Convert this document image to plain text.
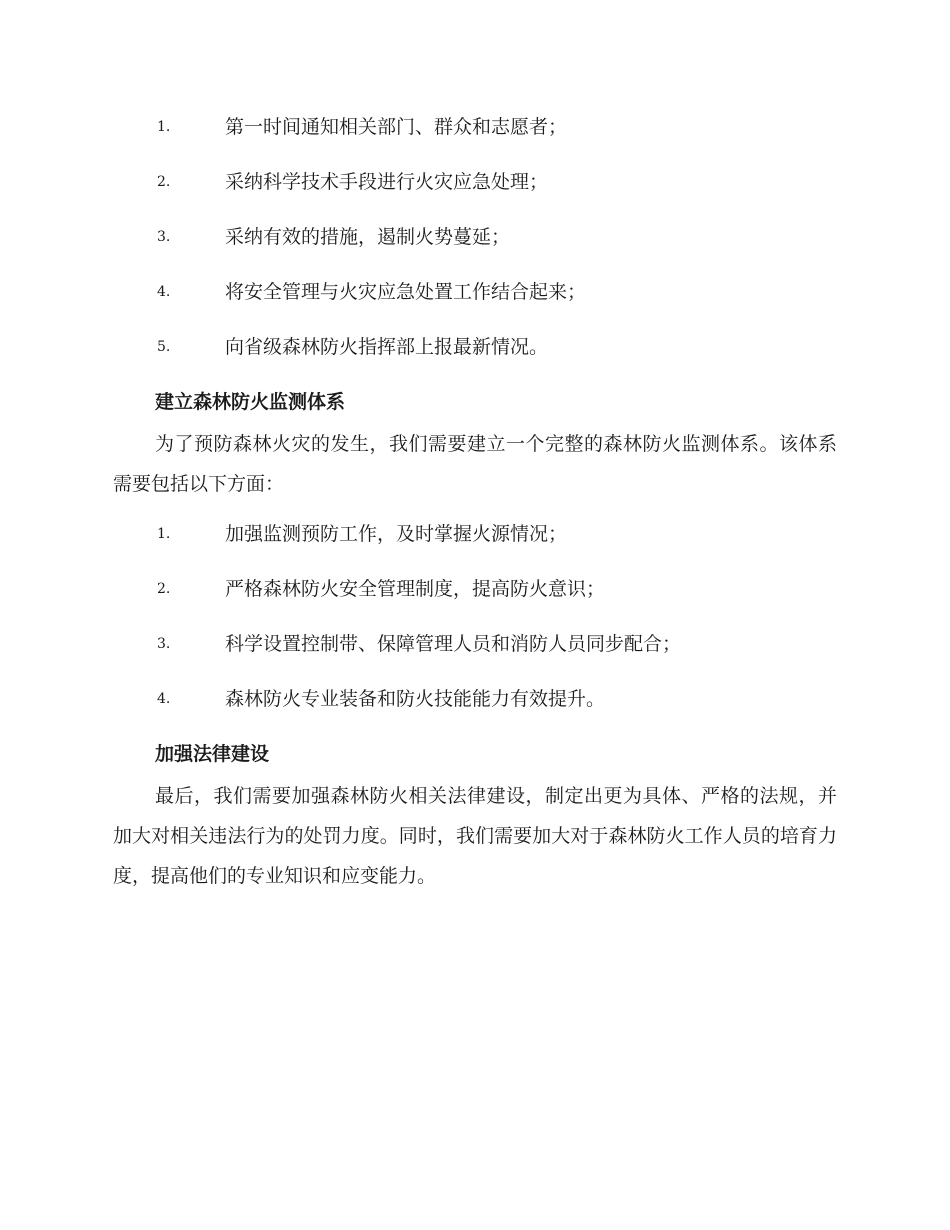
1.	第一时间通知相关部门、群众和志愿者；
2.	采纳科学技术手段进行火灾应急处理；
3.	采纳有效的措施，遏制火势蔓延；
4.	将安全管理与火灾应急处置工作结合起来；
5.	向省级森林防火指挥部上报最新情况。
建立森林防火监测体系

为了预防森林火灾的发生，我们需要建立一个完整的森林防火监测体系。该体系需要包括以下方面：

1.	加强监测预防工作，及时掌握火源情况；
2.	严格森林防火安全管理制度，提高防火意识；
3.	科学设置控制带、保障管理人员和消防人员同步配合；
4.	森林防火专业装备和防火技能能力有效提升。
加强法律建设

最后，我们需要加强森林防火相关法律建设，制定出更为具体、严格的法规，并加大对相关违法行为的处罚力度。同时，我们需要加大对于森林防火工作人员的培育力度，提高他们的专业知识和应变能力。
